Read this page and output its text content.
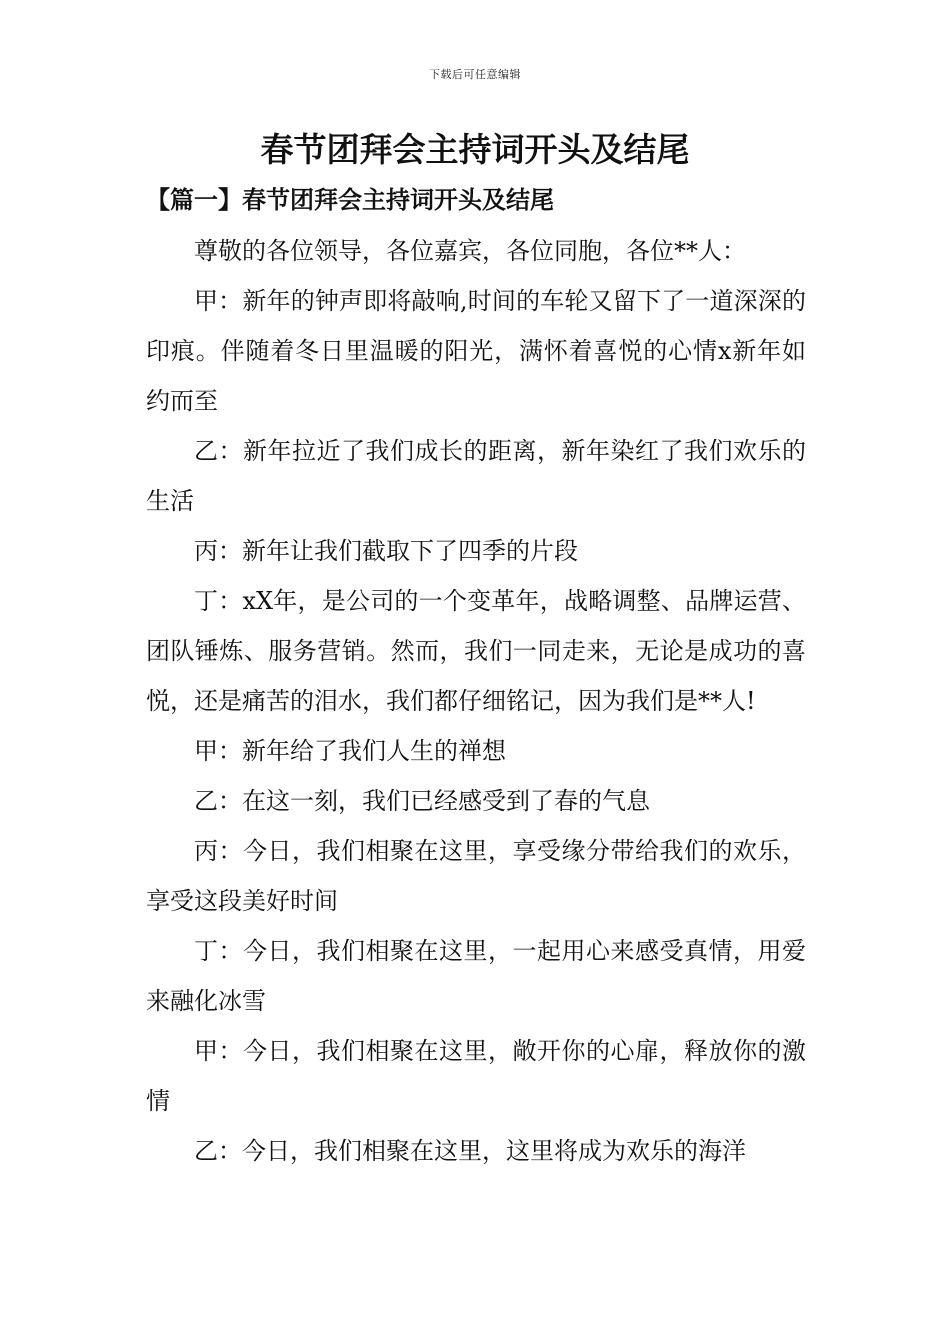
下载后可任意编辑
春节团拜会主持词开头及结尾
【篇一】春节团拜会主持词开头及结尾

尊敬的各位领导，各位嘉宾，各位同胞，各位**人：

甲：新年的钟声即将敲响,时间的车轮又留下了一道深深的印痕。伴随着冬日里温暖的阳光，满怀着喜悦的心情x新年如约而至

乙：新年拉近了我们成长的距离，新年染红了我们欢乐的生活

丙：新年让我们截取下了四季的片段

丁：xX年，是公司的一个变革年，战略调整、品牌运营、团队锤炼、服务营销。然而，我们一同走来，无论是成功的喜悦，还是痛苦的泪水，我们都仔细铭记，因为我们是**人!

甲：新年给了我们人生的禅想

乙：在这一刻，我们已经感受到了春的气息

丙：今日，我们相聚在这里，享受缘分带给我们的欢乐，享受这段美好时间

丁：今日，我们相聚在这里，一起用心来感受真情，用爱来融化冰雪

甲：今日，我们相聚在这里，敞开你的心扉，释放你的激情

乙：今日，我们相聚在这里，这里将成为欢乐的海洋
